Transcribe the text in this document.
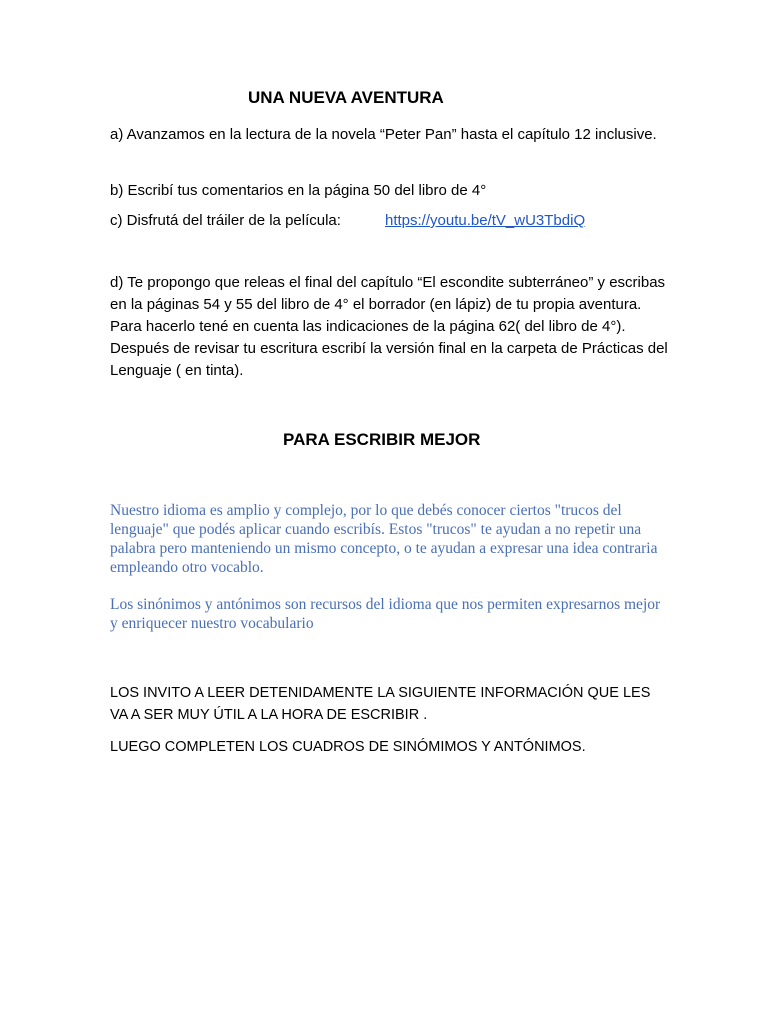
UNA NUEVA AVENTURA

a) Avanzamos en la lectura de la novela “Peter Pan” hasta el capítulo 12 inclusive.

b) Escribí tus comentarios en la página 50 del libro de 4°

c) Disfrutá del tráiler de la película:	https://youtu.be/tV_wU3TbdiQ

d) Te propongo que releas el final del capítulo “El escondite subterráneo” y escribas en la páginas 54 y 55 del libro de 4° el borrador (en lápiz) de tu propia aventura. Para hacerlo tené en cuenta las indicaciones de la página 62( del libro de 4°). Después de revisar tu escritura escribí la versión final en la carpeta de Prácticas del Lenguaje ( en tinta).

PARA ESCRIBIR MEJOR

Nuestro idioma es amplio y complejo, por lo que debés conocer ciertos "trucos del lenguaje" que podés aplicar cuando escribís. Estos "trucos" te ayudan a no repetir una palabra pero manteniendo un mismo concepto, o te ayudan a expresar una idea contraria empleando otro vocablo.

Los sinónimos y antónimos son recursos del idioma que nos permiten expresarnos mejor y enriquecer nuestro vocabulario

LOS INVITO A LEER DETENIDAMENTE LA SIGUIENTE INFORMACIÓN QUE LES VA A SER MUY ÚTIL A LA HORA DE ESCRIBIR .

LUEGO COMPLETEN LOS CUADROS DE SINÓMIMOS Y ANTÓNIMOS.
